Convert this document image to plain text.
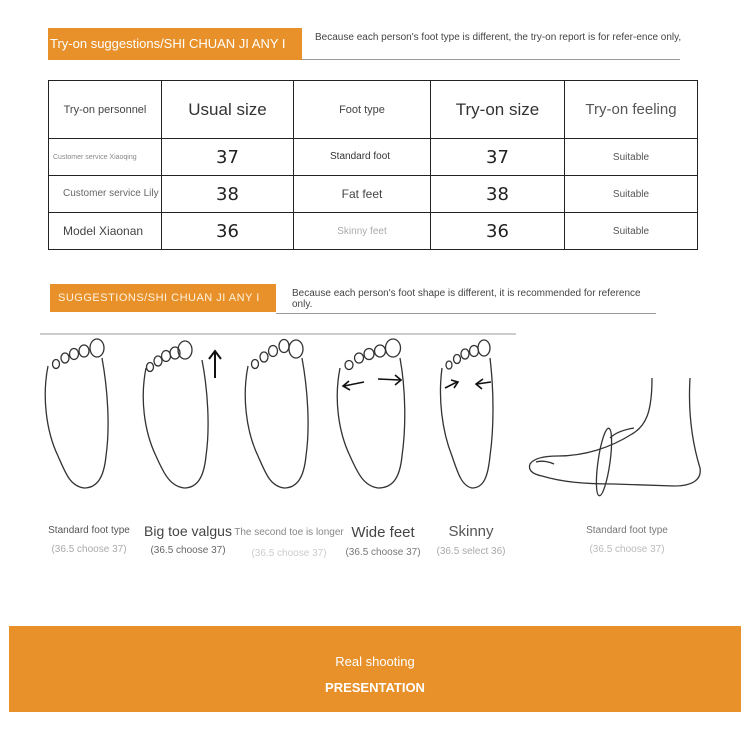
Try-on suggestions/SHI CHUAN JI ANY I	Because each person's foot type is different, the try-on report is for refer-ence only,
Try-on personnel	Usual size	Foot type	Try-on size	Try-on feeling
Customer service Xiaoqing	37	Standard foot	37	Suitable
Customer service Lily	38	Fat feet	38	Suitable
Model Xiaonan	36	Skinny feet	36	Suitable
SUGGESTIONS/SHI CHUAN JI ANY I	Because each person's foot shape is different, it is recommended for reference only.
Standard foot type
(36.5 choose 37)
Big toe valgus
(36.5 choose 37)
The second toe is longer
(36.5 choose 37)
Wide feet
(36.5 choose 37)
Skinny
(36.5 select 36)
Standard foot type
(36.5 choose 37)
Real shooting
PRESENTATION
